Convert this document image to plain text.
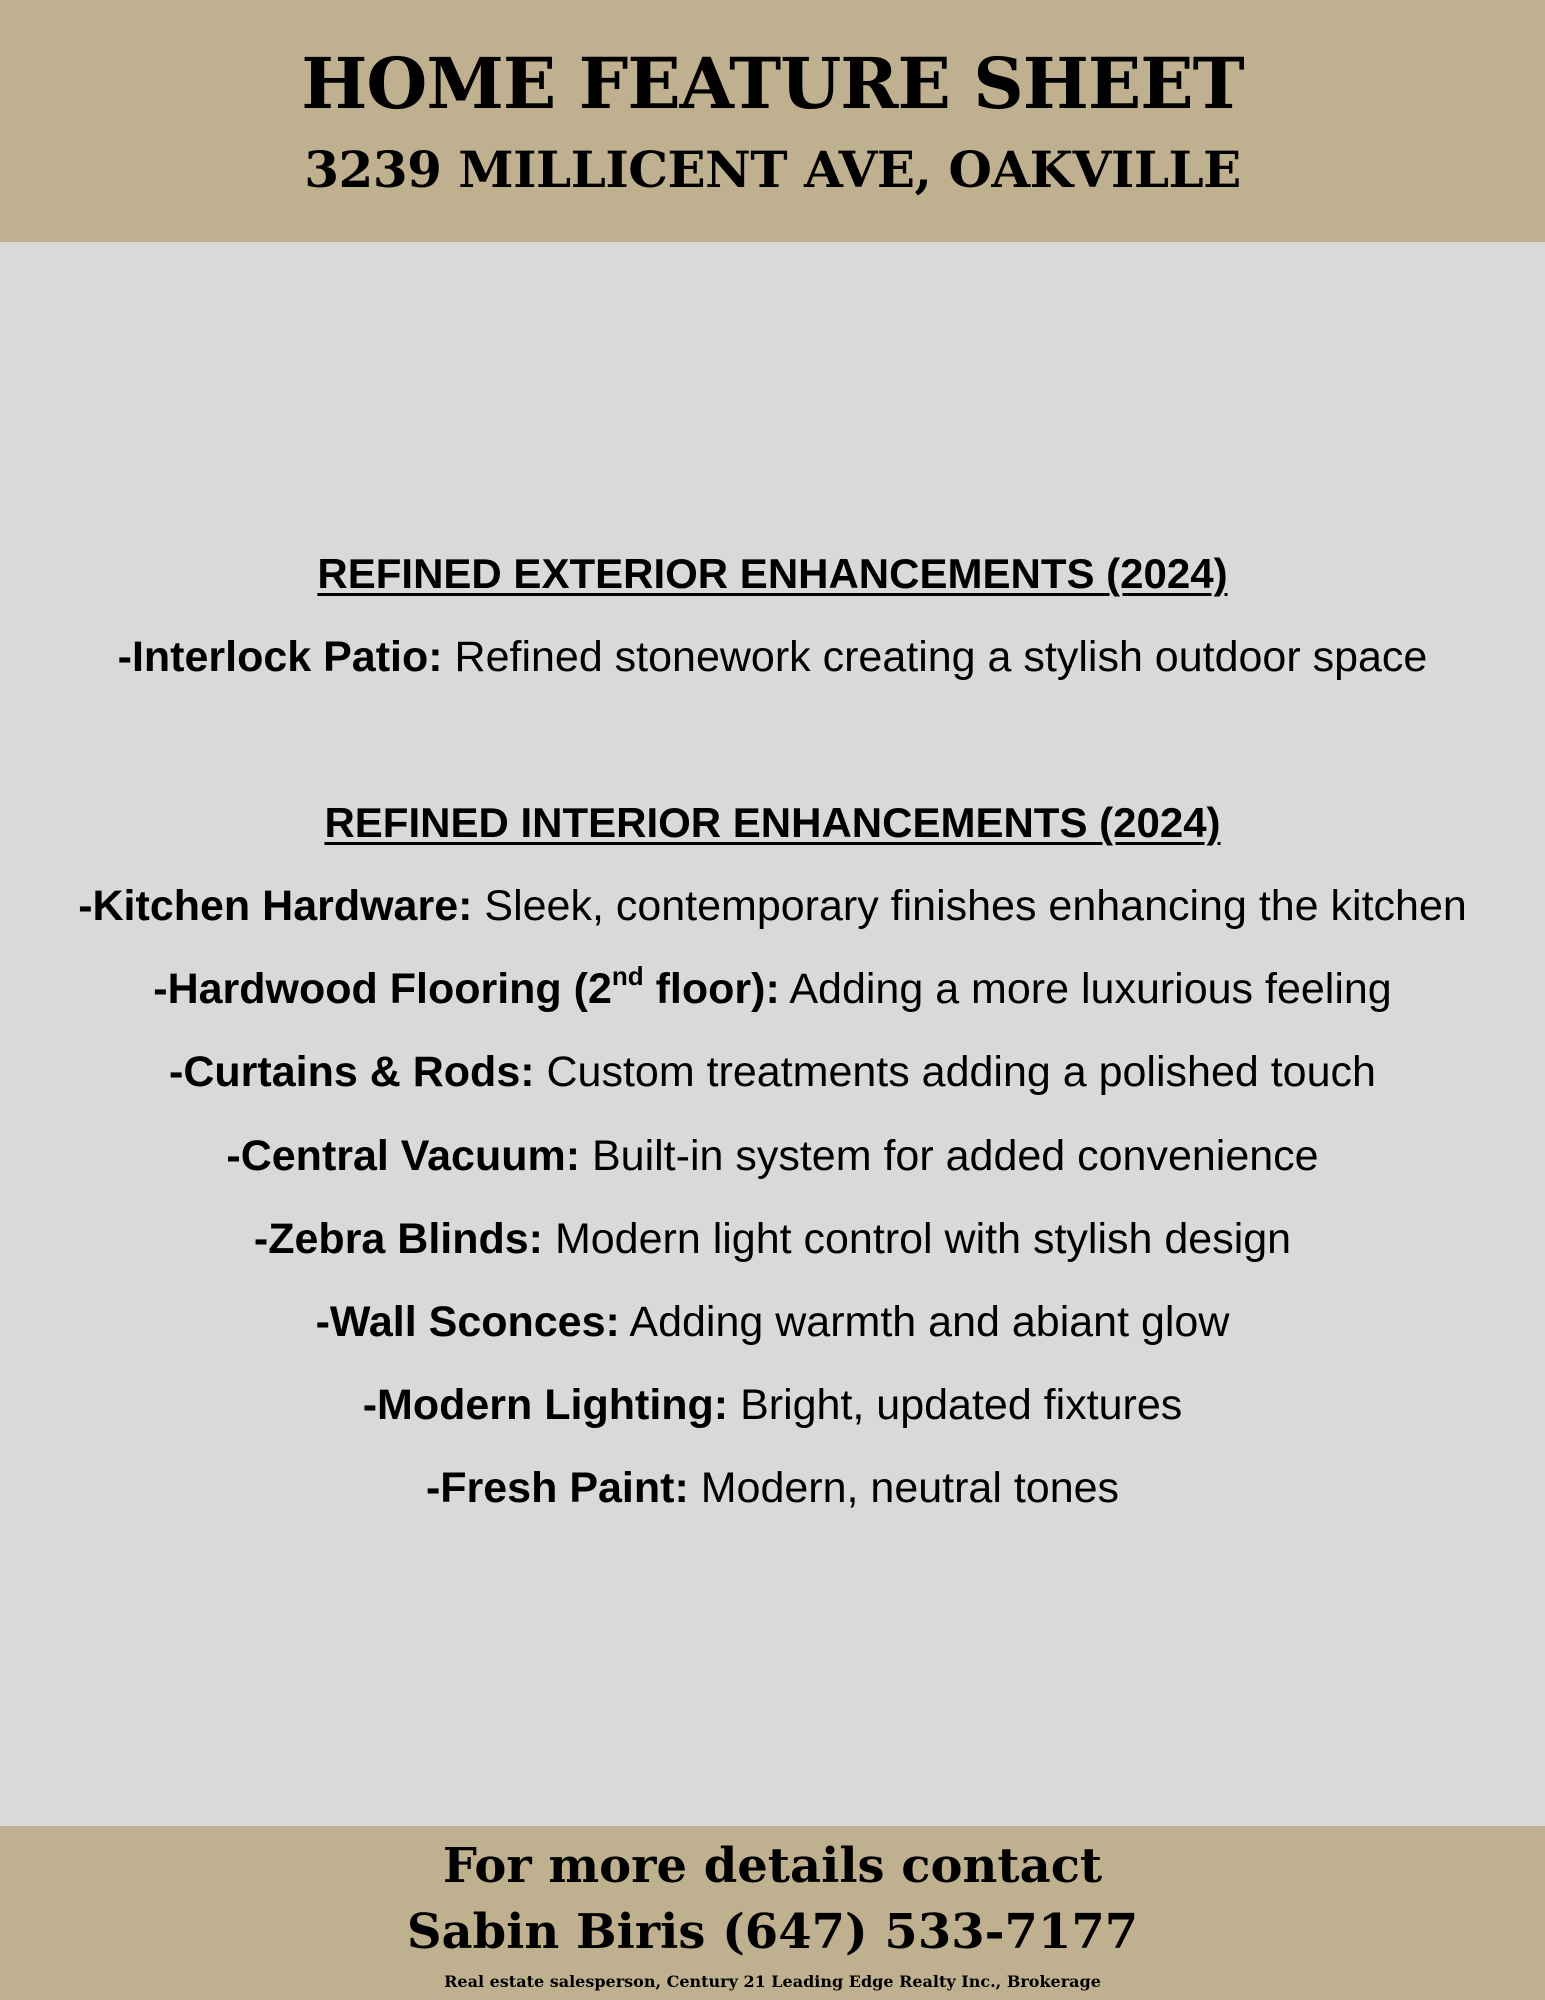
HOME FEATURE SHEET
3239 MILLICENT AVE, OAKVILLE
REFINED EXTERIOR ENHANCEMENTS (2024)
-Interlock Patio: Refined stonework creating a stylish outdoor space
REFINED INTERIOR ENHANCEMENTS (2024)
-Kitchen Hardware: Sleek, contemporary finishes enhancing the kitchen
-Hardwood Flooring (2nd floor): Adding a more luxurious feeling
-Curtains & Rods: Custom treatments adding a polished touch
-Central Vacuum: Built-in system for added convenience
-Zebra Blinds: Modern light control with stylish design
-Wall Sconces: Adding warmth and abiant glow
-Modern Lighting: Bright, updated fixtures
-Fresh Paint: Modern, neutral tones
For more details contact
Sabin Biris (647) 533-7177
Real estate salesperson, Century 21 Leading Edge Realty Inc., Brokerage
